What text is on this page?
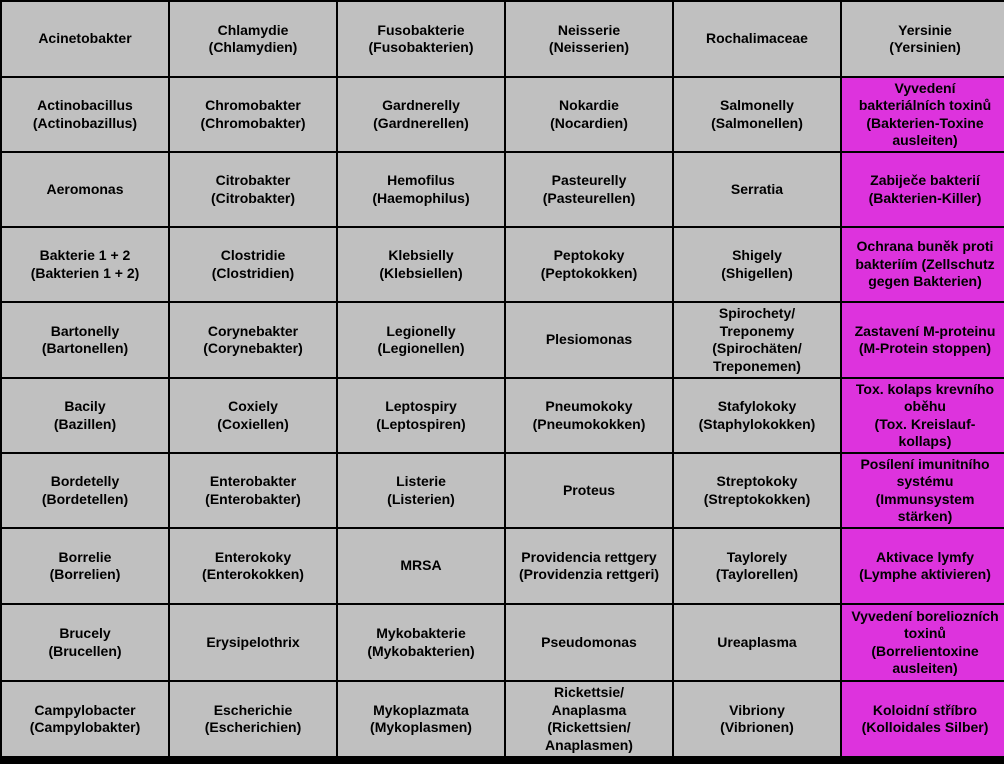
Acinetobakter
Chlamydie
(Chlamydien)
Fusobakterie
(Fusobakterien)
Neisserie
(Neisserien)
Rochalimaceae
Yersinie
(Yersinien)
Actinobacillus
(Actinobazillus)
Chromobakter
(Chromobakter)
Gardnerelly
(Gardnerellen)
Nokardie
(Nocardien)
Salmonelly
(Salmonellen)
Vyvedení
bakteriálních toxinů
(Bakterien-Toxine
ausleiten)
Aeromonas
Citrobakter
(Citrobakter)
Hemofilus
(Haemophilus)
Pasteurelly
(Pasteurellen)
Serratia
Zabiječe bakterií
(Bakterien-Killer)
Bakterie 1 + 2
(Bakterien 1 + 2)
Clostridie
(Clostridien)
Klebsielly
(Klebsiellen)
Peptokoky
(Peptokokken)
Shigely
(Shigellen)
Ochrana buněk proti
bakteriím (Zellschutz
gegen Bakterien)
Bartonelly
(Bartonellen)
Corynebakter
(Corynebakter)
Legionelly
(Legionellen)
Plesiomonas
Spirochety/
Treponemy
(Spirochäten/
Treponemen)
Zastavení M-proteinu
(M-Protein stoppen)
Bacily
(Bazillen)
Coxiely
(Coxiellen)
Leptospiry
(Leptospiren)
Pneumokoky
(Pneumokokken)
Stafylokoky
(Staphylokokken)
Tox. kolaps krevního
oběhu
(Tox. Kreislauf-
kollaps)
Bordetelly
(Bordetellen)
Enterobakter
(Enterobakter)
Listerie
(Listerien)
Proteus
Streptokoky
(Streptokokken)
Posílení imunitního
systému
(Immunsystem
stärken)
Borrelie
(Borrelien)
Enterokoky
(Enterokokken)
MRSA
Providencia rettgery
(Providenzia rettgeri)
Taylorely
(Taylorellen)
Aktivace lymfy
(Lymphe aktivieren)
Brucely
(Brucellen)
Erysipelothrix
Mykobakterie
(Mykobakterien)
Pseudomonas	Ureaplasma
Vyvedení boreliozních
toxinů
(Borrelientoxine
ausleiten)
Campylobacter
(Campylobakter)
Escherichie
(Escherichien)
Mykoplazmata
(Mykoplasmen)
Rickettsie/
Anaplasma
(Rickettsien/
Anaplasmen)
Vibriony
(Vibrionen)
Koloidní stříbro
(Kolloidales Silber)
